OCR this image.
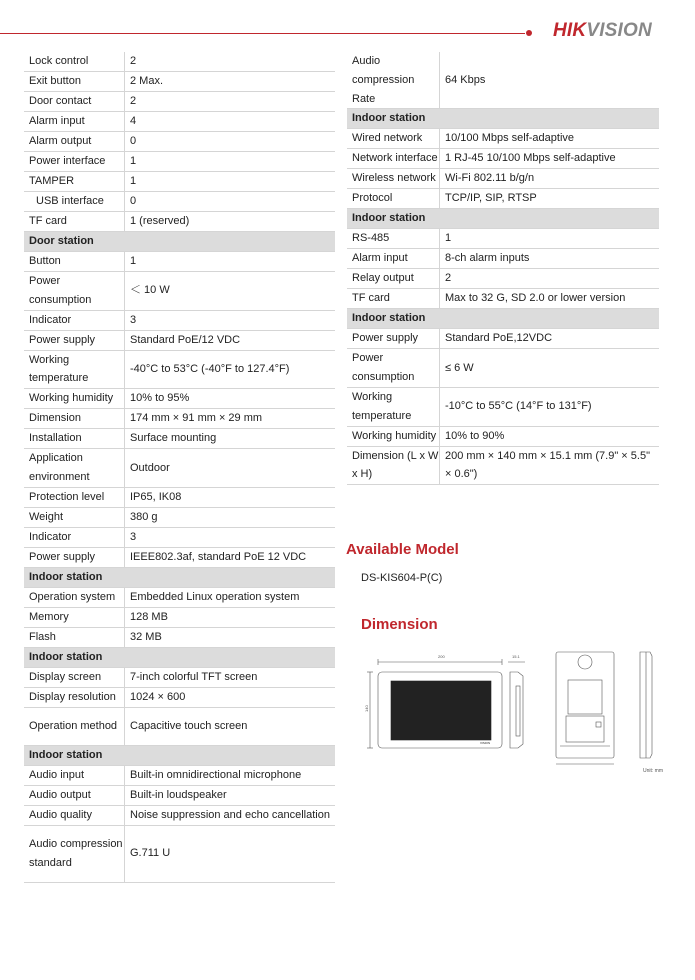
HIKVISION
Lock control	2
Exit button	2 Max.
Door contact	2
Alarm input	4
Alarm output	0
Power interface	1
TAMPER	1
USB interface	0
TF card	1 (reserved)
Door station	
Button	1
Power consumption	＜ 10 W
Indicator	3
Power supply	Standard PoE/12 VDC
Working temperature	-40°C to 53°C (-40°F to 127.4°F)
Working humidity	10% to 95%
Dimension	174 mm × 91 mm × 29 mm
Installation	Surface mounting
Application environment	Outdoor
Protection level	IP65, IK08
Weight	380 g
Indicator	3
Power supply	IEEE802.3af, standard PoE 12 VDC
Indoor station	
Operation system	Embedded Linux operation system
Memory	128 MB
Flash	32 MB
Indoor station	
Display screen	7-inch colorful TFT screen
Display resolution	1024 × 600
Operation method	Capacitive touch screen
Indoor station	
Audio input	Built-in omnidirectional microphone
Audio output	Built-in loudspeaker
Audio quality	Noise suppression and echo cancellation
Audio compression standard	G.711 U
Audio compression Rate	64 Kbps
Indoor station	
Wired network	10/100 Mbps self-adaptive
Network interface	1 RJ-45 10/100 Mbps self-adaptive
Wireless network	Wi-Fi 802.11 b/g/n
Protocol	TCP/IP, SIP, RTSP
Indoor station	
RS-485	1
Alarm input	8-ch alarm inputs
Relay output	2
TF card	Max to 32 G, SD 2.0 or lower version
Indoor station	
Power supply	Standard PoE,12VDC
Power consumption	≤ 6 W
Working temperature	-10°C to 55°C (14°F to 131°F)
Working humidity	10% to 90%
Dimension (L x W x H)	200 mm × 140 mm × 15.1 mm (7.9" × 5.5" × 0.6")
Available Model
DS-KIS604-P(C)
Dimension
200
140
15.1
VISION
Unit: mm
